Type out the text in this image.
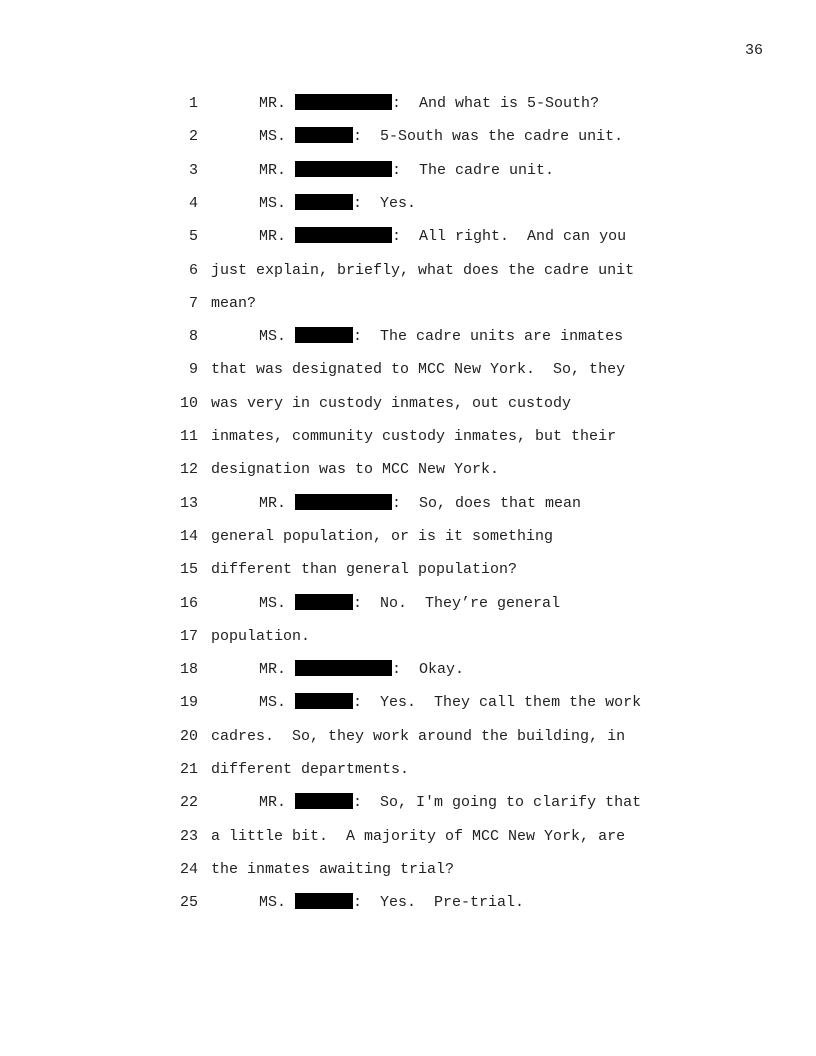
36
1	MR.	:  And what is 5-South?
2	MS.	:  5-South was the cadre unit.
3	MR.	:  The cadre unit.
4	MS.	:  Yes.
5	MR.	:  All right.  And can you
6 just explain, briefly, what does the cadre unit
7 mean?
8	MS.	:  The cadre units are inmates
9 that was designated to MCC New York.  So, they
10 was very in custody inmates, out custody
11 inmates, community custody inmates, but their
12 designation was to MCC New York.
13	MR.	:  So, does that mean
14 general population, or is it something
15 different than general population?
16	MS.	:  No.  They’re general
17 population.
18	MR.	:  Okay.
19	MS.	:  Yes.  They call them the work
20 cadres.  So, they work around the building, in
21 different departments.
22	MR.	:  So, I'm going to clarify that
23 a little bit.  A majority of MCC New York, are
24 the inmates awaiting trial?
25	MS.	:  Yes.  Pre-trial.
